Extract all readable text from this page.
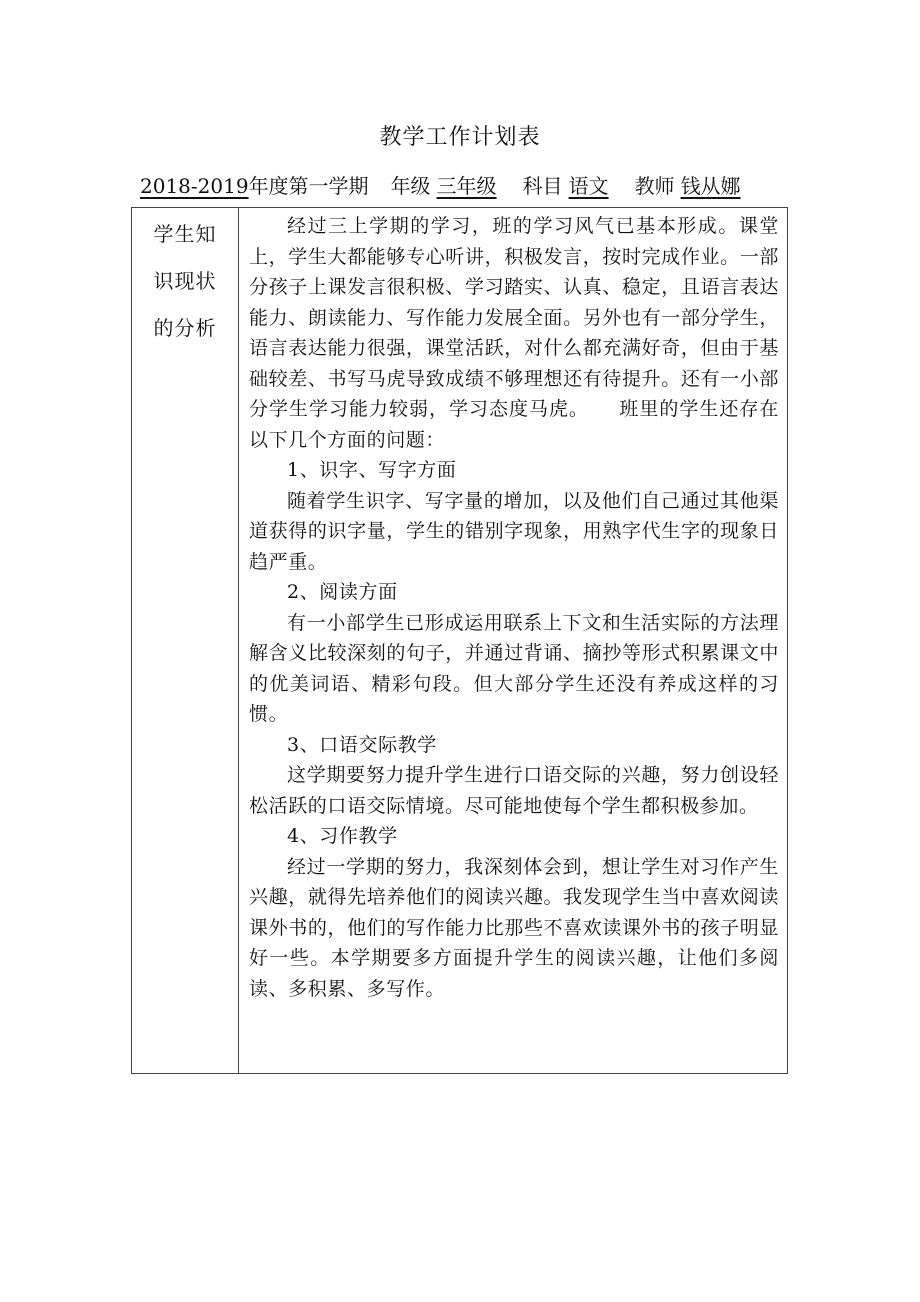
教学工作计划表
2018-2019 年度第一学期 年级 三年级 科目 语文 教师 钱从娜
学生知
识现状
的分析

经过三上学期的学习，班的学习风气已基本形成。课堂上，学生大都能够专心听讲，积极发言，按时完成作业。一部分孩子上课发言很积极、学习踏实、认真、稳定，且语言表达能力、朗读能力、写作能力发展全面。另外也有一部分学生，语言表达能力很强，课堂活跃，对什么都充满好奇，但由于基础较差、书写马虎导致成绩不够理想还有待提升。还有一小部分学生学习能力较弱，学习态度马虎。　　班里的学生还存在以下几个方面的问题：

1、识字、写字方面

随着学生识字、写字量的增加，以及他们自己通过其他渠道获得的识字量，学生的错别字现象，用熟字代生字的现象日趋严重。

2、阅读方面

有一小部学生已形成运用联系上下文和生活实际的方法理解含义比较深刻的句子，并通过背诵、摘抄等形式积累课文中的优美词语、精彩句段。但大部分学生还没有养成这样的习惯。

3、口语交际教学

这学期要努力提升学生进行口语交际的兴趣，努力创设轻松活跃的口语交际情境。尽可能地使每个学生都积极参加。

4、习作教学

经过一学期的努力，我深刻体会到，想让学生对习作产生兴趣，就得先培养他们的阅读兴趣。我发现学生当中喜欢阅读课外书的，他们的写作能力比那些不喜欢读课外书的孩子明显好一些。本学期要多方面提升学生的阅读兴趣，让他们多阅读、多积累、多写作。
